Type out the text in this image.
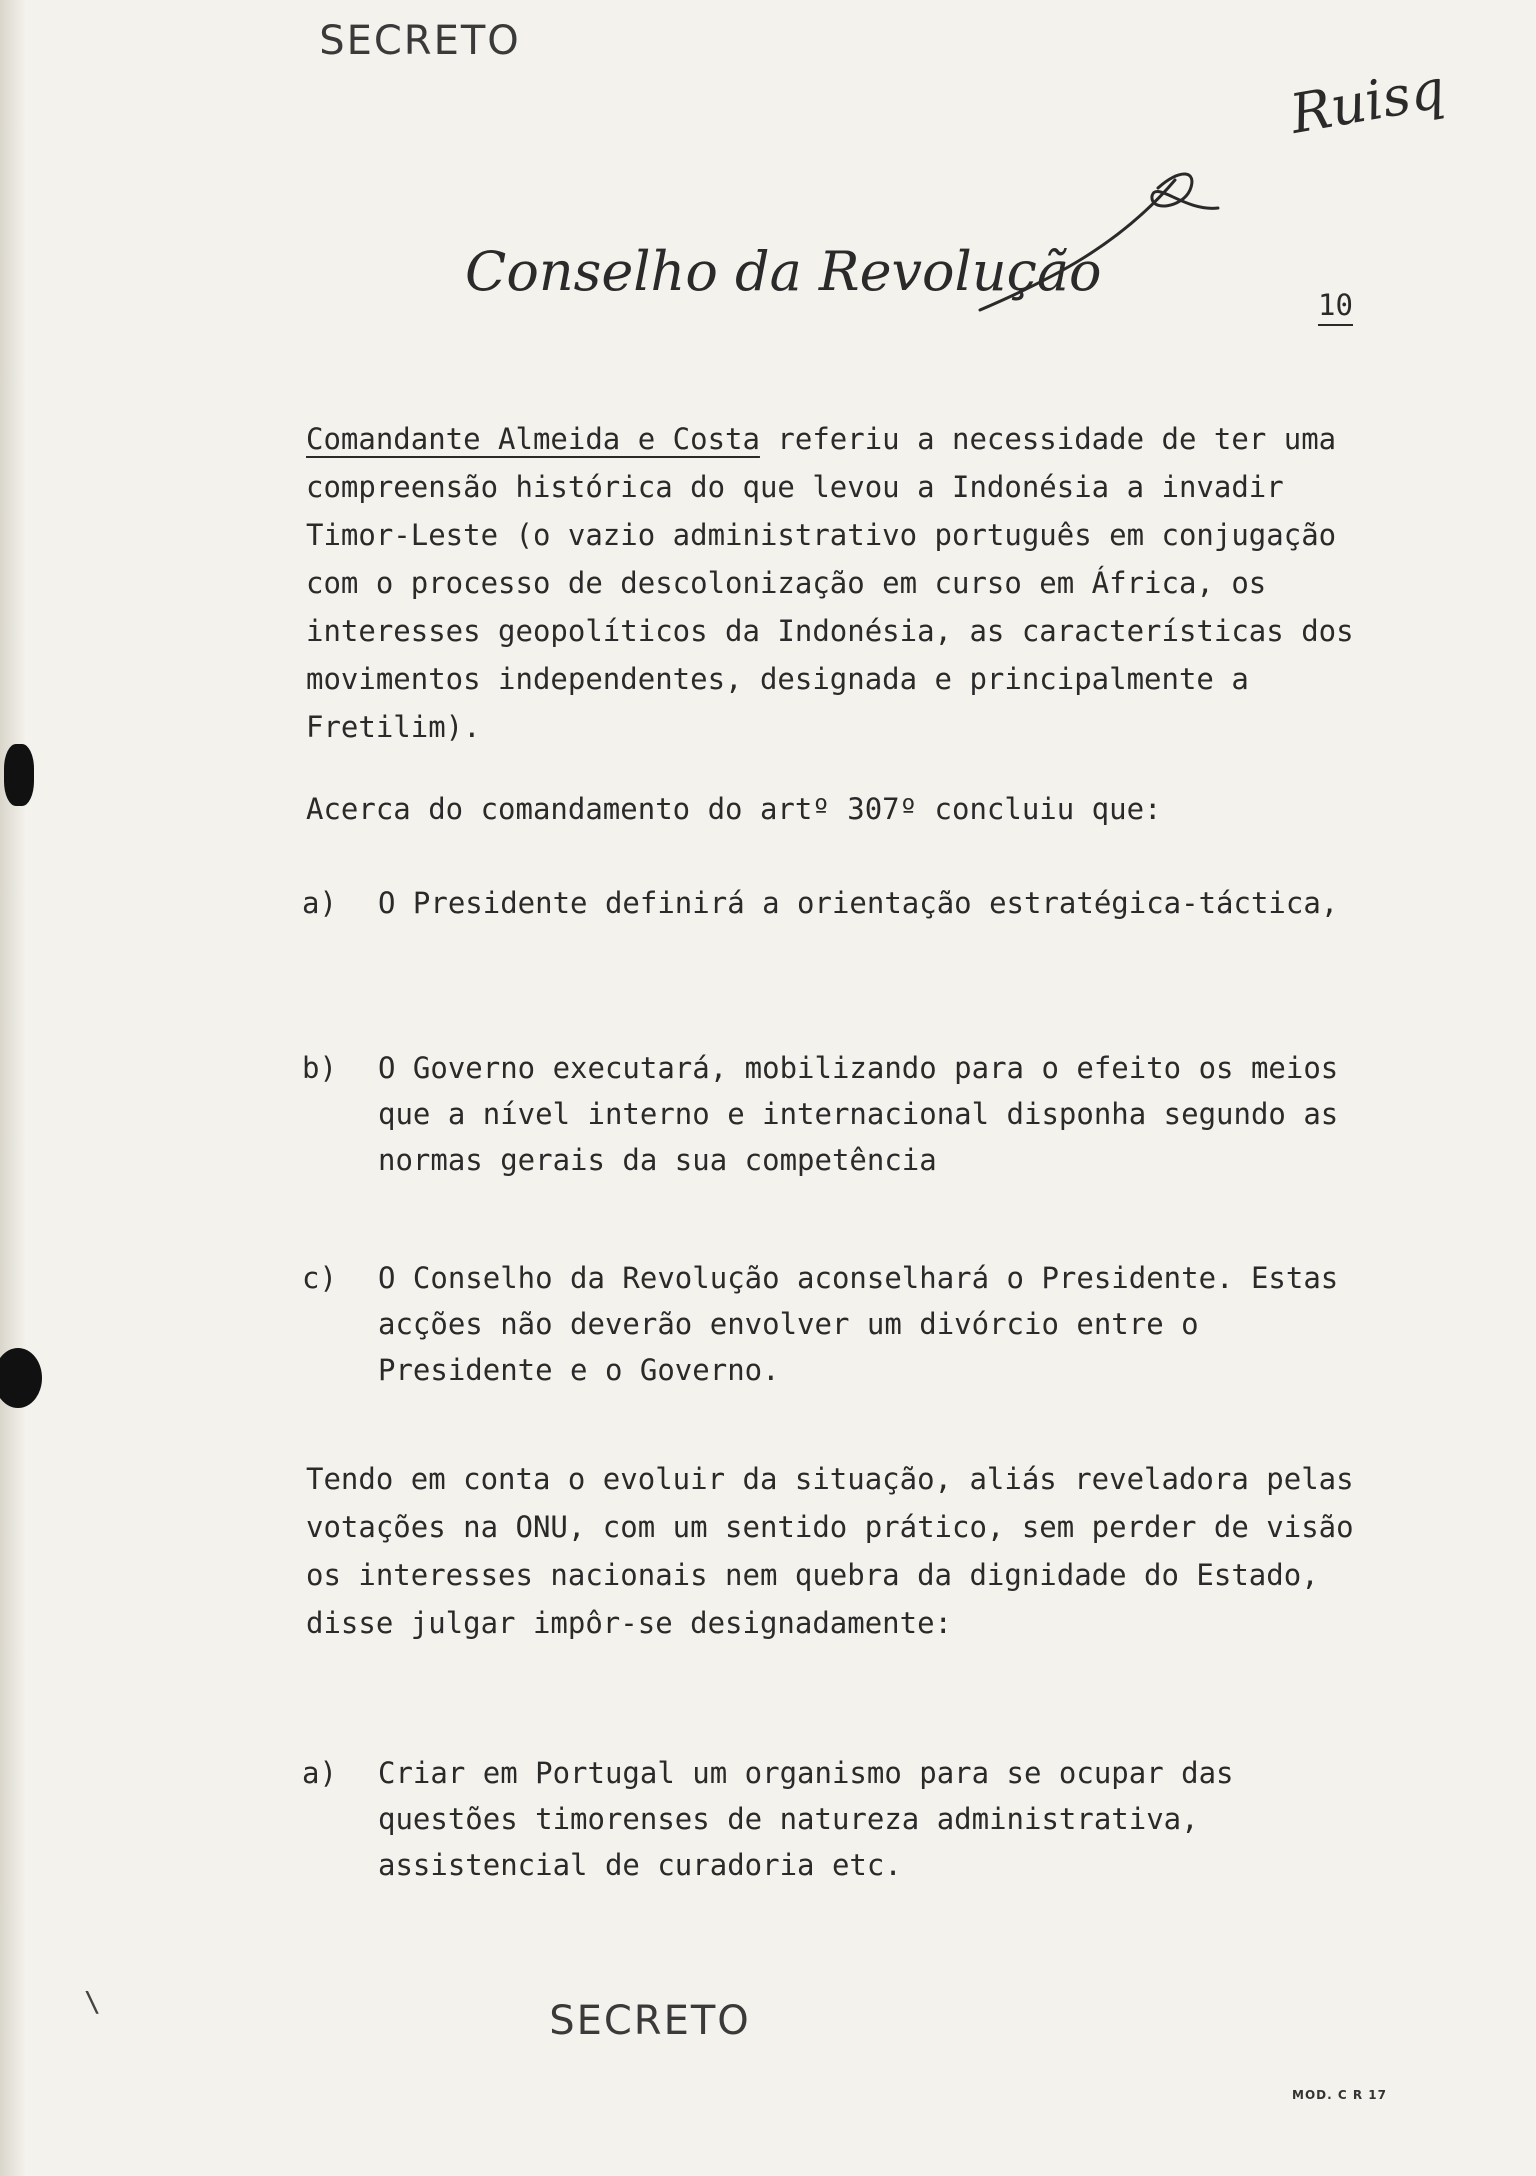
SECRETO
Ruisq
Conselho da Revolução
10

Comandante Almeida e Costa referiu a necessidade de ter uma compreensão histórica do que levou a Indonésia a invadir Timor-Leste (o vazio administrativo português em conjugação com o processo de descolonização em curso em África, os interesses geopolíticos da Indonésia, as características dos movimentos independentes, designada e principalmente a Fretilim).

Acerca do comandamento do artº 307º concluiu que:

a) O Presidente definirá a orientação estratégica-táctica,

b) O Governo executará, mobilizando para o efeito os meios que a nível interno e internacional disponha segundo as normas gerais da sua competência

c) O Conselho da Revolução aconselhará o Presidente. Estas acções não deverão envolver um divórcio entre o Presidente e o Governo.

Tendo em conta o evoluir da situação, aliás reveladora pelas votações na ONU, com um sentido prático, sem perder de visão os interesses nacionais nem quebra da dignidade do Estado, disse julgar impôr-se designadamente:

a) Criar em Portugal um organismo para se ocupar das questões timorenses de natureza administrativa, assistencial de curadoria etc.

\	SECRETO
MOD. C R 17
